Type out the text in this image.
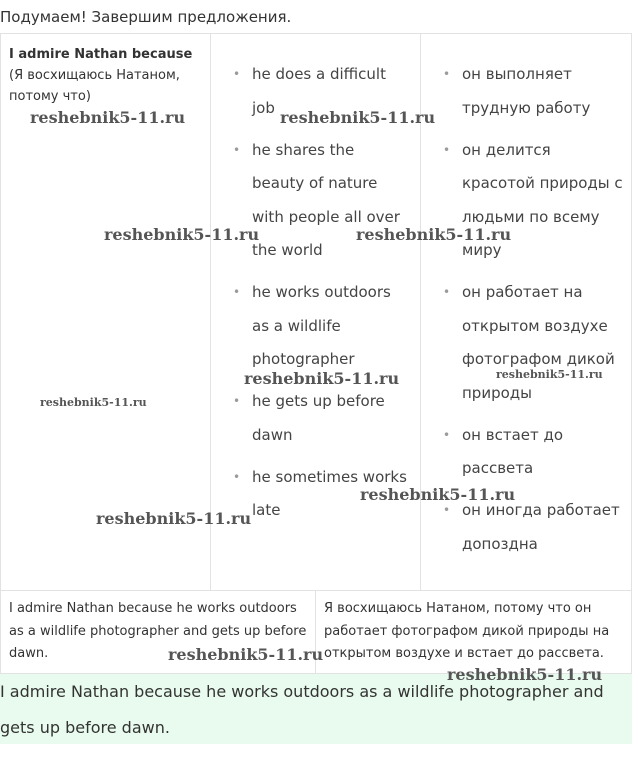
Подумаем! Завершим предложения.
I admire Nathan because (Я восхищаюсь Натаном, потому что)
• he does a difficult job
• he shares the beauty of nature with people all over the world
• he works outdoors as a wildlife photographer
• he gets up before dawn
• he sometimes works late
• он выполняет трудную работу
• он делится красотой природы с людьми по всему миру
• он работает на открытом воздухе фотографом дикой природы
• он встает до рассвета
• он иногда работает допоздна
I admire Nathan because he works outdoors as a wildlife photographer and gets up before dawn.
Я восхищаюсь Натаном, потому что он работает фотографом дикой природы на открытом воздухе и встает до рассвета.
I admire Nathan because he works outdoors as a wildlife photographer and gets up before dawn.
reshebnik5-11.ru	reshebnik5-11.ru
reshebnik5-11.ru	reshebnik5-11.ru
reshebnik5-11.ru	reshebnik5-11.ru
reshebnik5-11.ru
reshebnik5-11.ru
reshebnik5-11.ru
reshebnik5-11.ru
reshebnik5-11.ru
